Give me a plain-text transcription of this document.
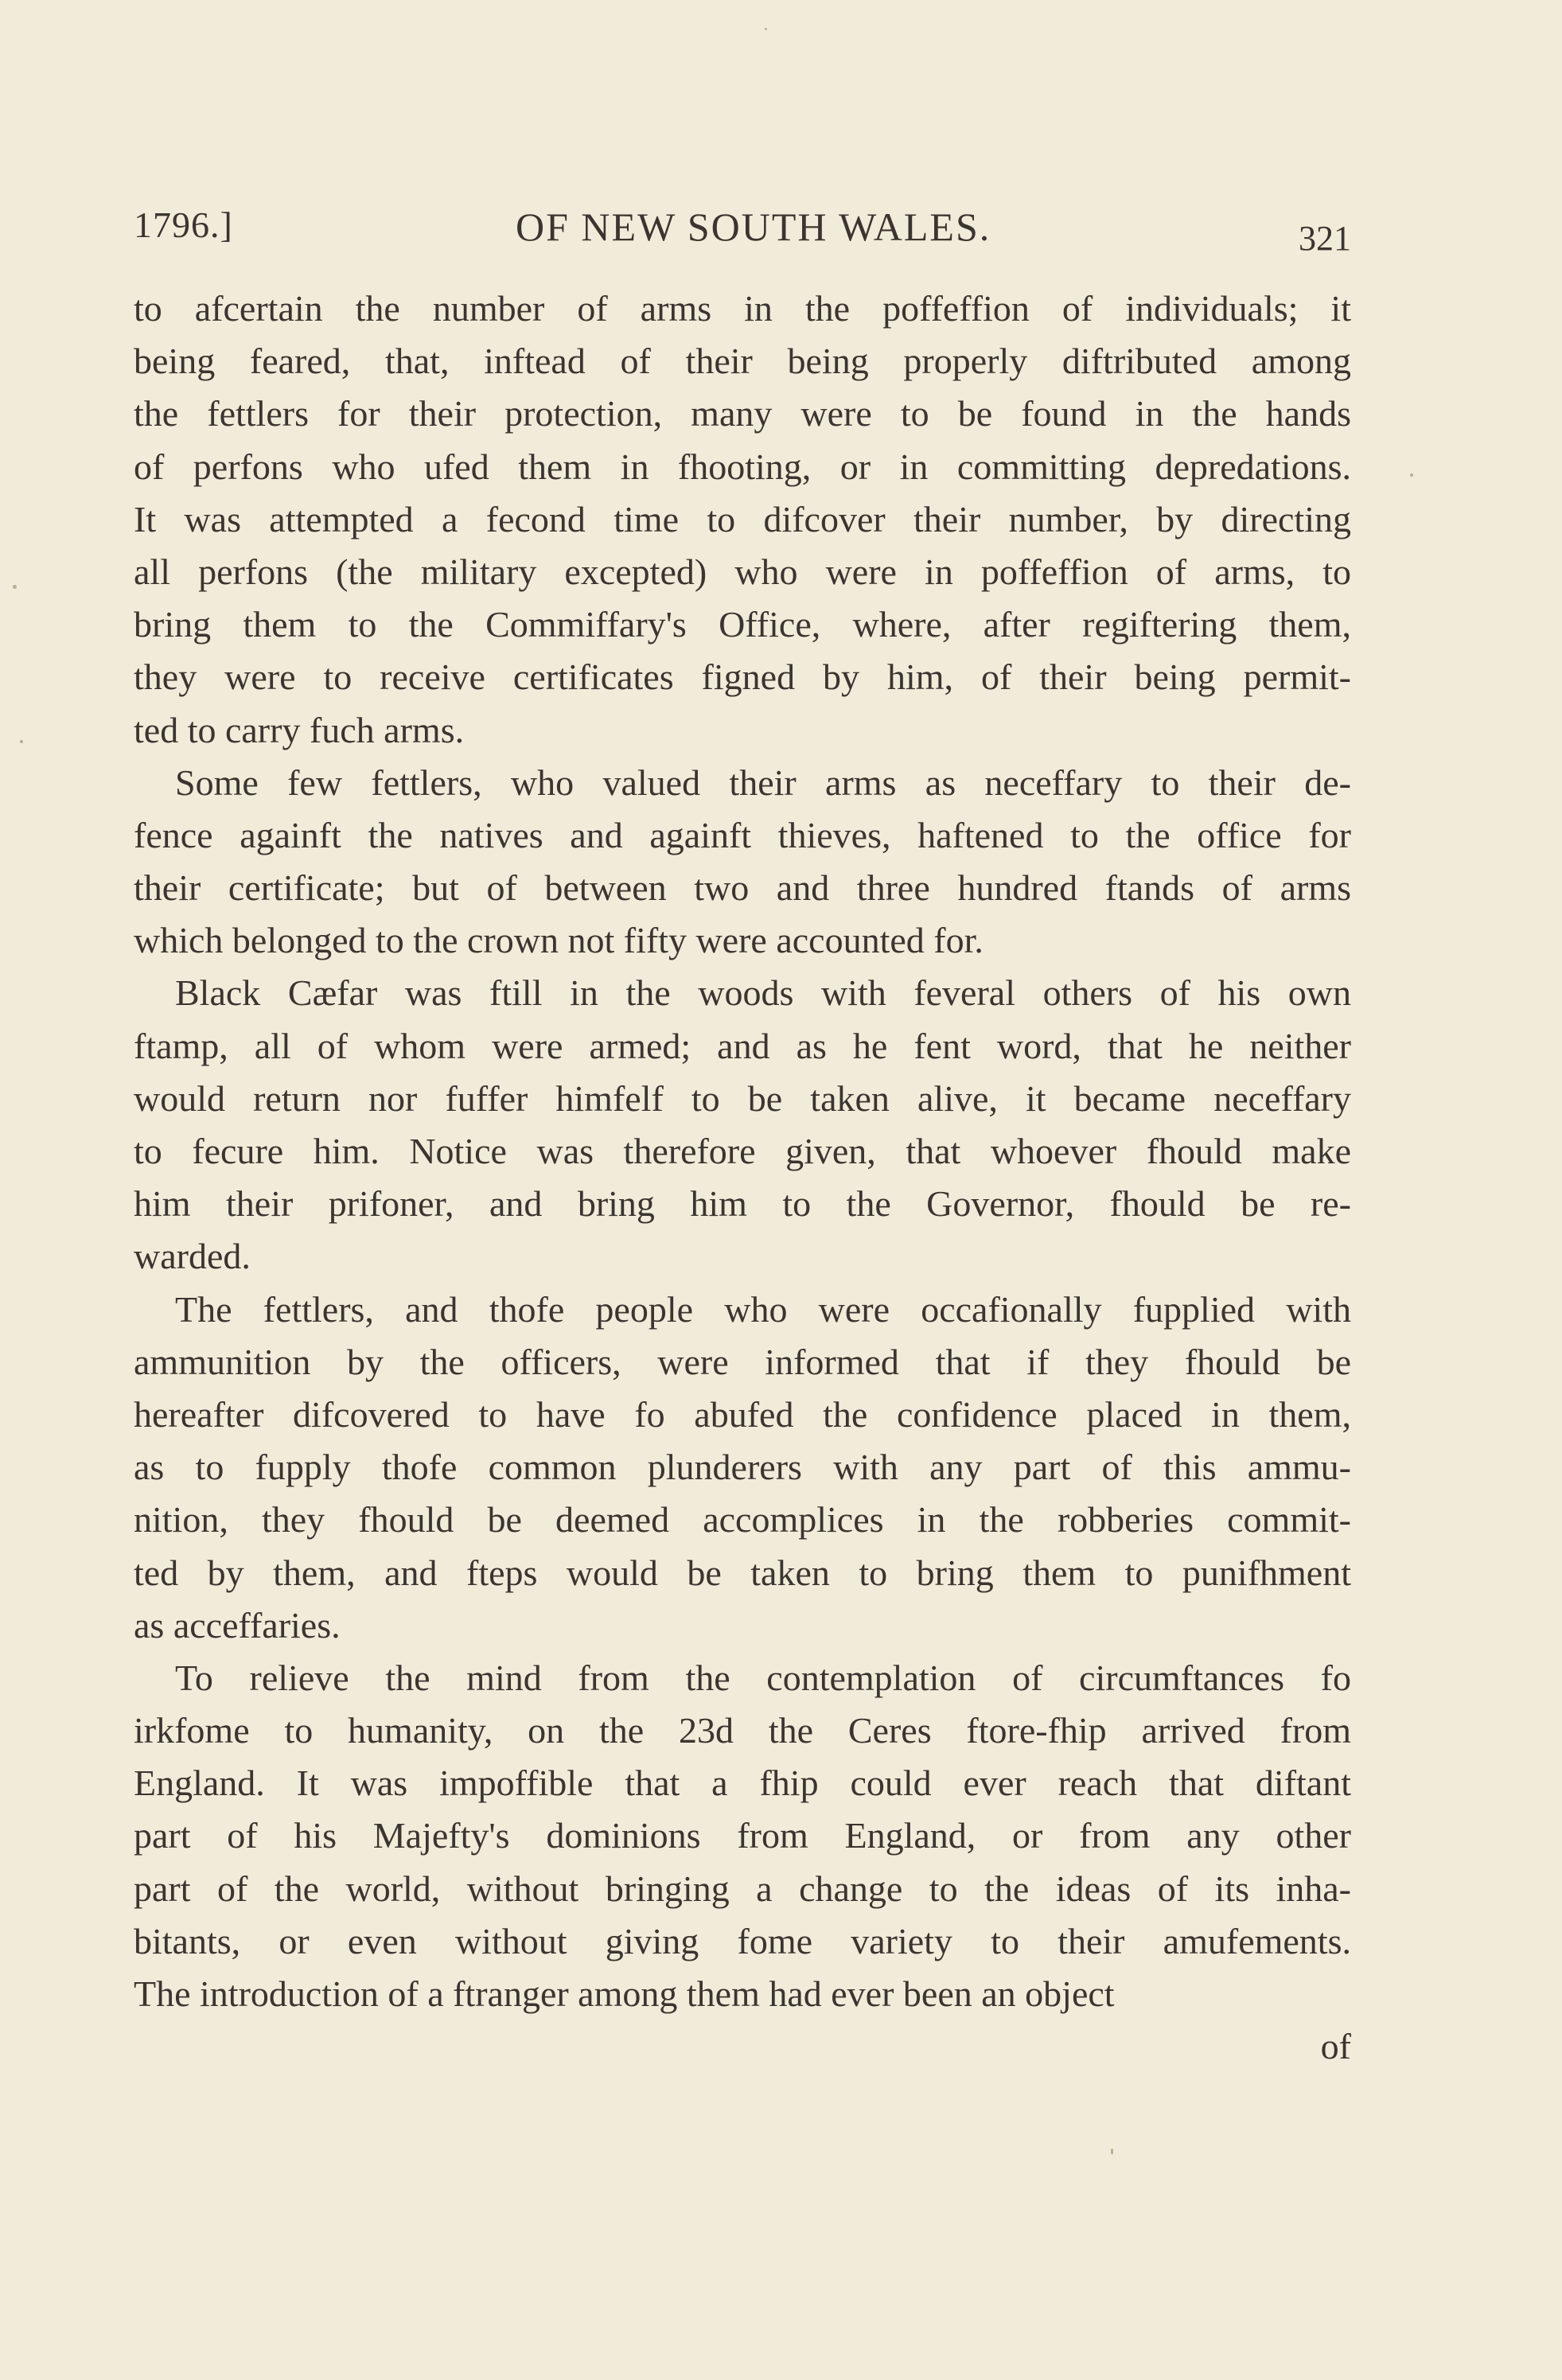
1796.]	OF NEW SOUTH WALES.	321
to afcertain the number of arms in the poffeffion of individuals; it
being feared, that, inftead of their being properly diftributed among
the fettlers for their protection, many were to be found in the hands
of perfons who ufed them in fhooting, or in committing depredations.
It was attempted a fecond time to difcover their number, by directing
all perfons (the military excepted) who were in poffeffion of arms, to
bring them to the Commiffary's Office, where, after regiftering them,
they were to receive certificates figned by him, of their being permit-
ted to carry fuch arms.
Some few fettlers, who valued their arms as neceffary to their de-
fence againft the natives and againft thieves, haftened to the office for
their certificate; but of between two and three hundred ftands of arms
which belonged to the crown not fifty were accounted for.
Black Cæfar was ftill in the woods with feveral others of his own
ftamp, all of whom were armed; and as he fent word, that he neither
would return nor fuffer himfelf to be taken alive, it became neceffary
to fecure him. Notice was therefore given, that whoever fhould make
him their prifoner, and bring him to the Governor, fhould be re-
warded.
The fettlers, and thofe people who were occafionally fupplied with
ammunition by the officers, were informed that if they fhould be
hereafter difcovered to have fo abufed the confidence placed in them,
as to fupply thofe common plunderers with any part of this ammu-
nition, they fhould be deemed accomplices in the robberies commit-
ted by them, and fteps would be taken to bring them to punifhment
as acceffaries.
To relieve the mind from the contemplation of circumftances fo
irkfome to humanity, on the 23d the Ceres ftore-fhip arrived from
England. It was impoffible that a fhip could ever reach that diftant
part of his Majefty's dominions from England, or from any other
part of the world, without bringing a change to the ideas of its inha-
bitants, or even without giving fome variety to their amufements.
The introduction of a ftranger among them had ever been an object
of
